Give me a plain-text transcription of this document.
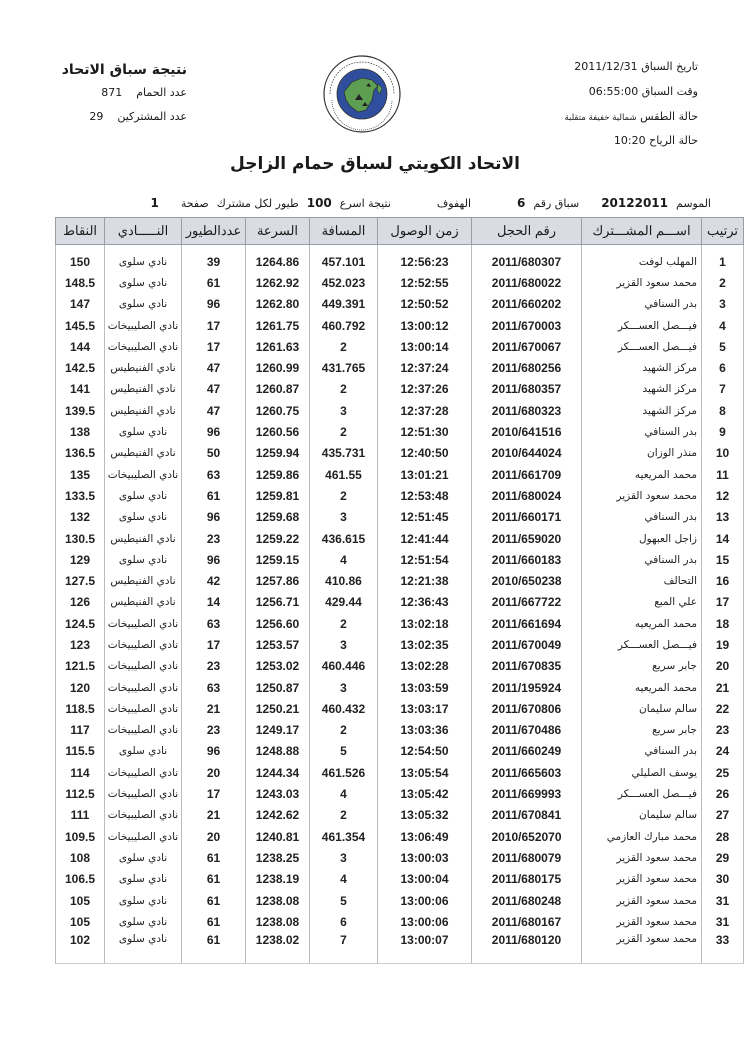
نتيجة سباق الاتحاد
عدد الحمام871
عدد المشتركين29
تاريخ السباق 2011/12/31
وقت السباق 06:55:00
حالة الطقس شمالية خفيفة متقلبة
حالة الرياح 10:20
الاتحاد الكويتي لسباق حمام الزاجل
الموسم
20122011
سباق رقم
6
الهفوف
نتيجة اسرع
100
طيور لكل مشترك
صفحة
1
ترتيب	اســـم المشـــترك	رقم الحجل	زمن الوصول	المسافة	السرعة	عددالطيور	النـــــادي	النقاط
1	المهلب لوفت	2011/680307	12:56:23	457.101	1264.86	39	نادي سلوى	150
2	محمد سعود القزير	2011/680022	12:52:55	452.023	1262.92	61	نادي سلوى	148.5
3	بدر السنافي	2011/660202	12:50:52	449.391	1262.80	96	نادي سلوى	147
4	فيـــصل العســـكر	2011/670003	13:00:12	460.792	1261.75	17	نادي الصليبيخات	145.5
5	فيـــصل العســـكر	2011/670067	13:00:14	2	1261.63	17	نادي الصليبيخات	144
6	مركز الشهيد	2011/680256	12:37:24	431.765	1260.99	47	نادي الفنيطيس	142.5
7	مركز الشهيد	2011/680357	12:37:26	2	1260.87	47	نادي الفنيطيس	141
8	مركز الشهيد	2011/680323	12:37:28	3	1260.75	47	نادي الفنيطيس	139.5
9	بدر السنافي	2010/641516	12:51:30	2	1260.56	96	نادي سلوى	138
10	منذر الوزان	2010/644024	12:40:50	435.731	1259.94	50	نادي الفنيطيس	136.5
11	محمد المريعيه	2011/661709	13:01:21	461.55	1259.86	63	نادي الصليبيخات	135
12	محمد سعود القزير	2011/680024	12:53:48	2	1259.81	61	نادي سلوى	133.5
13	بدر السنافي	2011/660171	12:51:45	3	1259.68	96	نادي سلوى	132
14	زاجل العبهول	2011/659020	12:41:44	436.615	1259.22	23	نادي الفنيطيس	130.5
15	بدر السنافي	2011/660183	12:51:54	4	1259.15	96	نادي سلوى	129
16	التحالف	2010/650238	12:21:38	410.86	1257.86	42	نادي الفنيطيس	127.5
17	علي المبع	2011/667722	12:36:43	429.44	1256.71	14	نادي الفنيطيس	126
18	محمد المريعيه	2011/661694	13:02:18	2	1256.60	63	نادي الصليبيخات	124.5
19	فيـــصل العســـكر	2011/670049	13:02:35	3	1253.57	17	نادي الصليبيخات	123
20	جابر سريع	2011/670835	13:02:28	460.446	1253.02	23	نادي الصليبيخات	121.5
21	محمد المريعيه	2011/195924	13:03:59	3	1250.87	63	نادي الصليبيخات	120
22	سالم سليمان	2011/670806	13:03:17	460.432	1250.21	21	نادي الصليبيخات	118.5
23	جابر سريع	2011/670486	13:03:36	2	1249.17	23	نادي الصليبيخات	117
24	بدر السنافي	2011/660249	12:54:50	5	1248.88	96	نادي سلوى	115.5
25	يوسف الصليلي	2011/665603	13:05:54	461.526	1244.34	20	نادي الصليبيخات	114
26	فيـــصل العســـكر	2011/669993	13:05:42	4	1243.03	17	نادي الصليبيخات	112.5
27	سالم سليمان	2011/670841	13:05:32	2	1242.62	21	نادي الصليبيخات	111
28	محمد مبارك العازمي	2010/652070	13:06:49	461.354	1240.81	20	نادي الصليبيخات	109.5
29	محمد سعود القزير	2011/680079	13:00:03	3	1238.25	61	نادي سلوى	108
30	محمد سعود القزير	2011/680175	13:00:04	4	1238.19	61	نادي سلوى	106.5
31	محمد سعود القزير	2011/680248	13:00:06	5	1238.08	61	نادي سلوى	105
31	محمد سعود القزير	2011/680167	13:00:06	6	1238.08	61	نادي سلوى	105
33	محمد سعود القزير	2011/680120	13:00:07	7	1238.02	61	نادي سلوى	102
